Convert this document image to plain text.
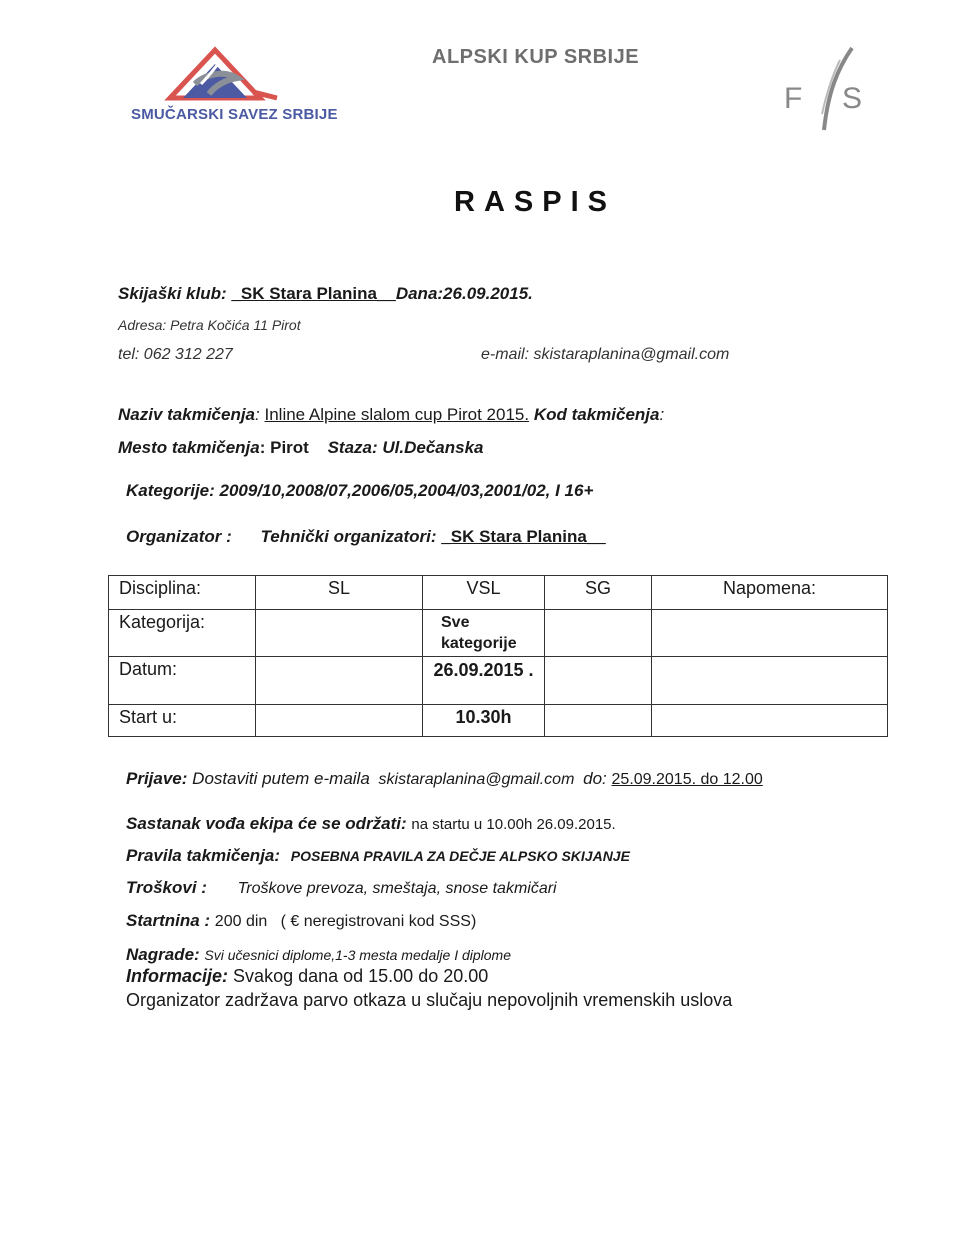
SMUČARSKI SAVEZ SRBIJE
ALPSKI KUP SRBIJE
F S
RASPIS
Skijaški klub: _SK Stara Planina__Dana:26.09.2015.
Adresa: Petra Kočića 11 Pirot
tel: 062 312 227	e-mail: skistaraplanina@gmail.com
Naziv takmičenja: Inline Alpine slalom cup Pirot 2015. Kod takmičenja:
Mesto takmičenja: Pirot Staza: Ul.Dečanska
Kategorije: 2009/10,2008/07,2006/05,2004/03,2001/02, I 16+
Organizator : Tehnički organizatori: _SK Stara Planina__
Disciplina:	SL	VSL	SG	Napomena:
Kategorija:		Sve kategorije		
Datum:		26.09.2015 .		
Start u:		10.30h		
Prijave: Dostaviti putem e-maila skistaraplanina@gmail.com do: 25.09.2015. do 12.00
Sastanak vođa ekipa će se održati: na startu u 10.00h 26.09.2015.
Pravila takmičenja: POSEBNA PRAVILA ZA DEČJE ALPSKO SKIJANJE
Troškovi : Troškove prevoza, smeštaja, snose takmičari
Startnina : 200 din   ( € neregistrovani kod SSS)
Nagrade: Svi učesnici diplome,1-3 mesta medalje I diplome
Informacije: Svakog dana od 15.00 do 20.00
Organizator zadržava parvo otkaza u slučaju nepovoljnih vremenskih uslova
